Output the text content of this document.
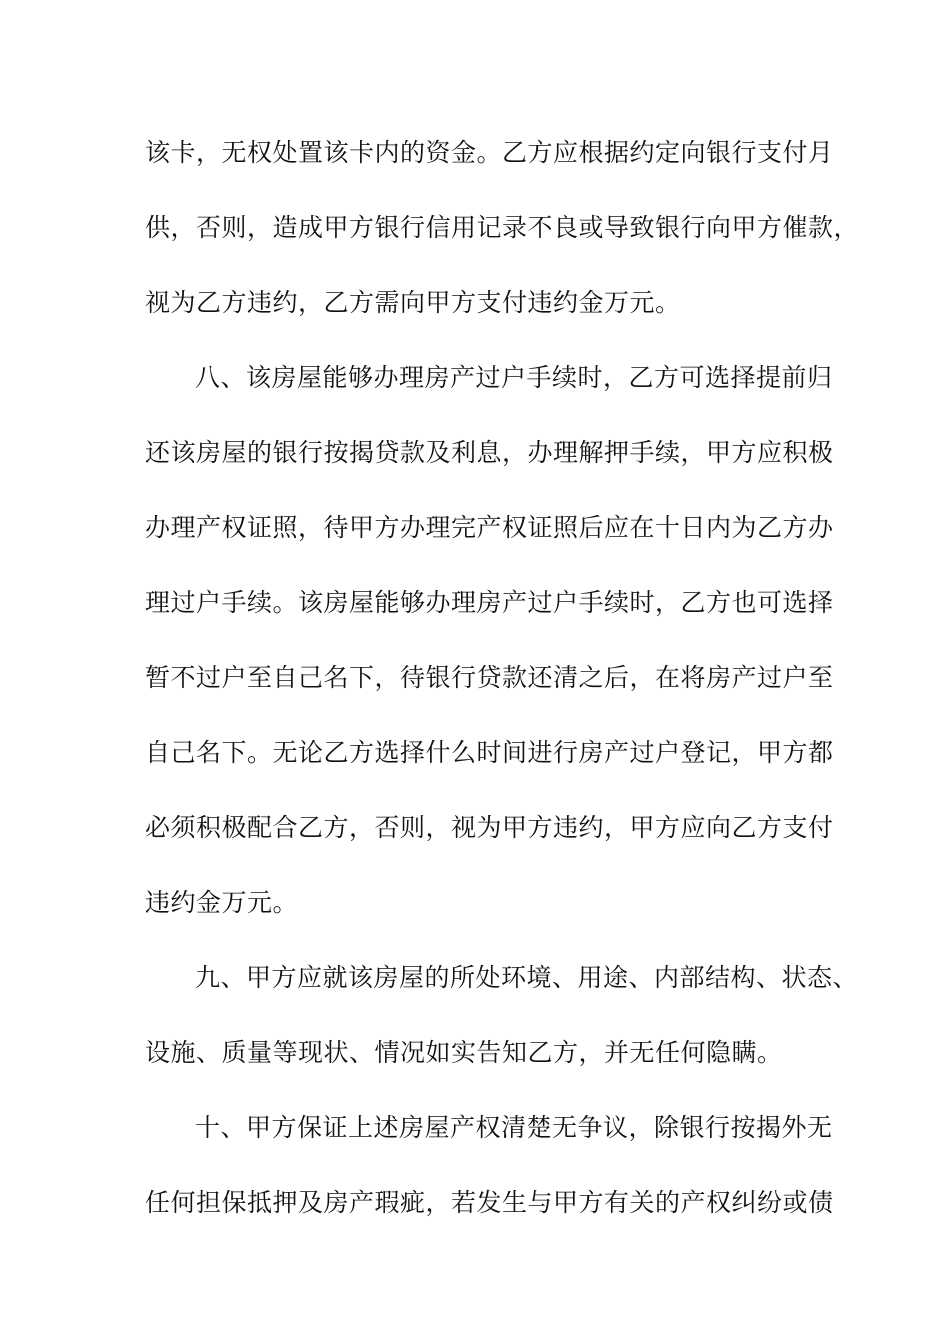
该卡，无权处置该卡内的资金。乙方应根据约定向银行支付月
供，否则，造成甲方银行信用记录不良或导致银行向甲方催款，
视为乙方违约，乙方需向甲方支付违约金万元。
八、该房屋能够办理房产过户手续时，乙方可选择提前归
还该房屋的银行按揭贷款及利息，办理解押手续，甲方应积极
办理产权证照，待甲方办理完产权证照后应在十日内为乙方办
理过户手续。该房屋能够办理房产过户手续时，乙方也可选择
暂不过户至自己名下，待银行贷款还清之后，在将房产过户至
自己名下。无论乙方选择什么时间进行房产过户登记，甲方都
必须积极配合乙方，否则，视为甲方违约，甲方应向乙方支付
违约金万元。
九、甲方应就该房屋的所处环境、用途、内部结构、状态、
设施、质量等现状、情况如实告知乙方，并无任何隐瞒。
十、甲方保证上述房屋产权清楚无争议，除银行按揭外无
任何担保抵押及房产瑕疵，若发生与甲方有关的产权纠纷或债
